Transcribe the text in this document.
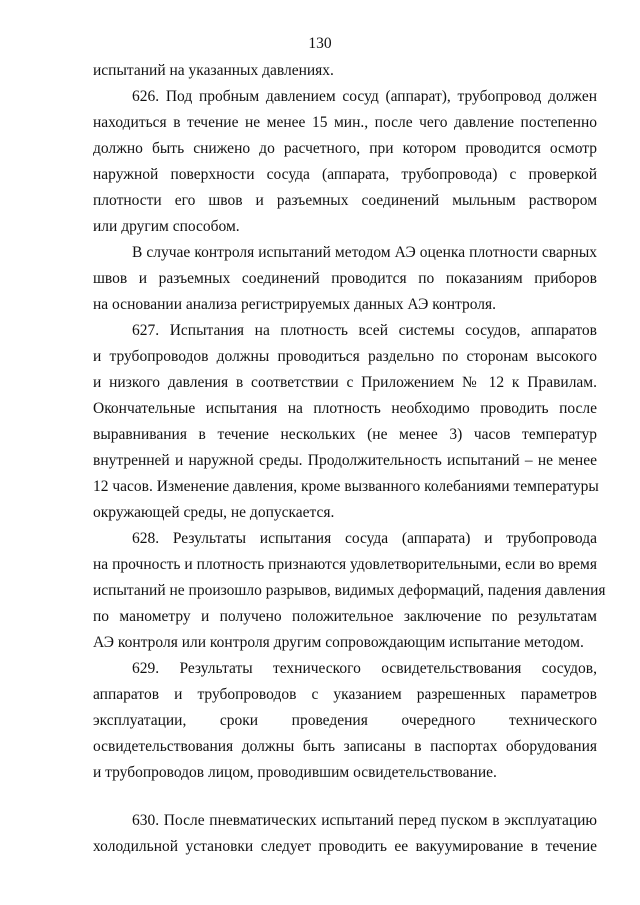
130
испытаний на указанных давлениях.
626. Под пробным давлением сосуд (аппарат), трубопровод должен
находиться в течение не менее 15 мин., после чего давление постепенно
должно быть снижено до расчетного, при котором проводится осмотр
наружной поверхности сосуда (аппарата, трубопровода) с проверкой
плотности его швов и разъемных соединений мыльным раствором
или другим способом.
В случае контроля испытаний методом АЭ оценка плотности сварных
швов и разъемных соединений проводится по показаниям приборов
на основании анализа регистрируемых данных АЭ контроля.
627. Испытания на плотность всей системы сосудов, аппаратов
и трубопроводов должны проводиться раздельно по сторонам высокого
и низкого давления в соответствии с Приложением № 12 к Правилам.
Окончательные испытания на плотность необходимо проводить после
выравнивания в течение нескольких (не менее 3) часов температур
внутренней и наружной среды. Продолжительность испытаний – не менее
12 часов. Изменение давления, кроме вызванного колебаниями температуры
окружающей среды, не допускается.
628. Результаты испытания сосуда (аппарата) и трубопровода
на прочность и плотность признаются удовлетворительными, если во время
испытаний не произошло разрывов, видимых деформаций, падения давления
по манометру и получено положительное заключение по результатам
АЭ контроля или контроля другим сопровождающим испытание методом.
629. Результаты технического освидетельствования сосудов,
аппаратов и трубопроводов с указанием разрешенных параметров
эксплуатации, сроки проведения очередного технического
освидетельствования должны быть записаны в паспортах оборудования
и трубопроводов лицом, проводившим освидетельствование.
630. После пневматических испытаний перед пуском в эксплуатацию
холодильной установки следует проводить ее вакуумирование в течение
